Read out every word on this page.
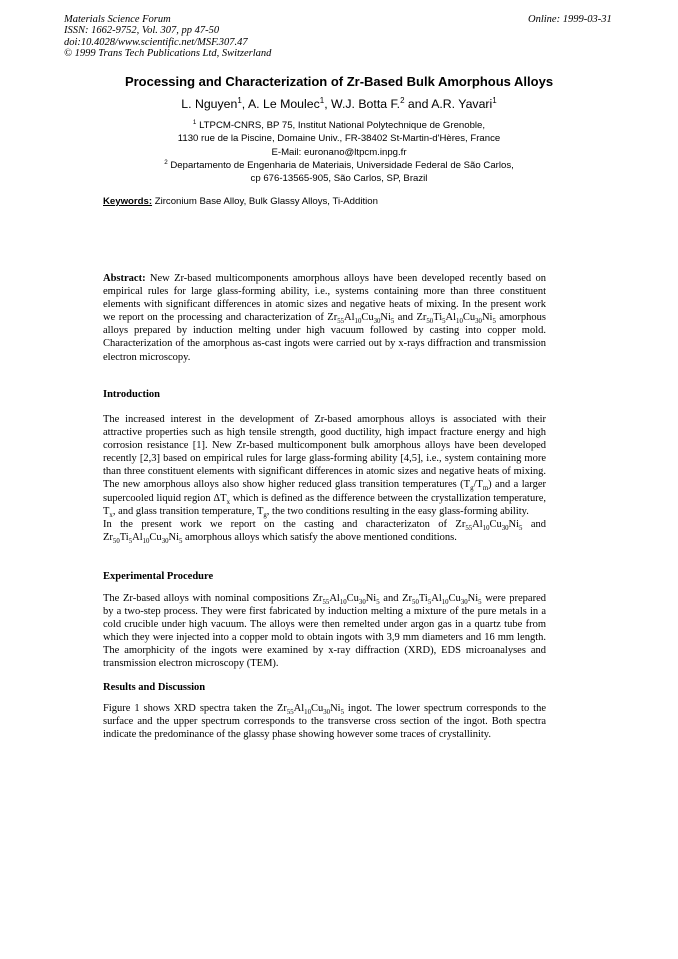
Materials Science Forum
ISSN: 1662-9752, Vol. 307, pp 47-50
doi:10.4028/www.scientific.net/MSF.307.47
© 1999 Trans Tech Publications Ltd, Switzerland
Online: 1999-03-31
Processing and Characterization of Zr-Based Bulk Amorphous Alloys
L. Nguyen$^1$, A. Le Moulec$^1$, W.J. Botta F.$^2$ and A.R. Yavari$^1$
$^1$ LTPCM-CNRS, BP 75, Institut National Polytechnique de Grenoble,
1130 rue de la Piscine, Domaine Univ., FR-38402 St-Martin-d'Hères, France
E-Mail: euronano@ltpcm.inpg.fr
$^2$ Departamento de Engenharia de Materiais, Universidade Federal de São Carlos,
cp 676-13565-905, São Carlos, SP, Brazil
Keywords: Zirconium Base Alloy, Bulk Glassy Alloys, Ti-Addition

Abstract: New Zr-based multicomponents amorphous alloys have been developed recently based on empirical rules for large glass-forming ability, i.e., systems containing more than three constituent elements with significant differences in atomic sizes and negative heats of mixing. In the present work we report on the processing and characterization of $Zr_{55}Al_{10}Cu_{30}Ni_5$ and $Zr_{50}Ti_5Al_{10}Cu_{30}Ni_5$ amorphous alloys prepared by induction melting under high vacuum followed by casting into copper mold. Characterization of the amorphous as-cast ingots were carried out by x-rays diffraction and transmission electron microscopy.

Introduction

The increased interest in the development of Zr-based amorphous alloys is associated with their attractive properties such as high tensile strength, good ductility, high impact fracture energy and high corrosion resistance [1]. New Zr-based multicomponent bulk amorphous alloys have been developed recently [2,3] based on empirical rules for large glass-forming ability [4,5], i.e., system containing more than three constituent elements with significant differences in atomic sizes and negative heats of mixing. The new amorphous alloys also show higher reduced glass transition temperatures $(T_g/T_m)$ and a larger supercooled liquid region $\Delta T_x$ which is defined as the difference between the crystallization temperature, $T_x$, and glass transition temperature, $T_g$, the two conditions resulting in the easy glass-forming ability.

In the present work we report on the casting and characterizaton of $Zr_{55}Al_{10}Cu_{30}Ni_5$ and $Zr_{50}Ti_5Al_{10}Cu_{30}Ni_5$ amorphous alloys which satisfy the above mentioned conditions.

Experimental Procedure

The Zr-based alloys with nominal compositions $Zr_{55}Al_{10}Cu_{30}Ni_5$ and $Zr_{50}Ti_5Al_{10}Cu_{30}Ni_5$ were prepared by a two-step process. They were first fabricated by induction melting a mixture of the pure metals in a cold crucible under high vacuum. The alloys were then remelted under argon gas in a quartz tube from which they were injected into a copper mold to obtain ingots with 3,9 mm diameters and 16 mm length. The amorphicity of the ingots were examined by x-ray diffraction (XRD), EDS microanalyses and transmission electron microscopy (TEM).

Results and Discussion

Figure 1 shows XRD spectra taken the $Zr_{55}Al_{10}Cu_{30}Ni_5$ ingot. The lower spectrum corresponds to the surface and the upper spectrum corresponds to the transverse cross section of the ingot. Both spectra indicate the predominance of the glassy phase showing however some traces of crystallinity.
